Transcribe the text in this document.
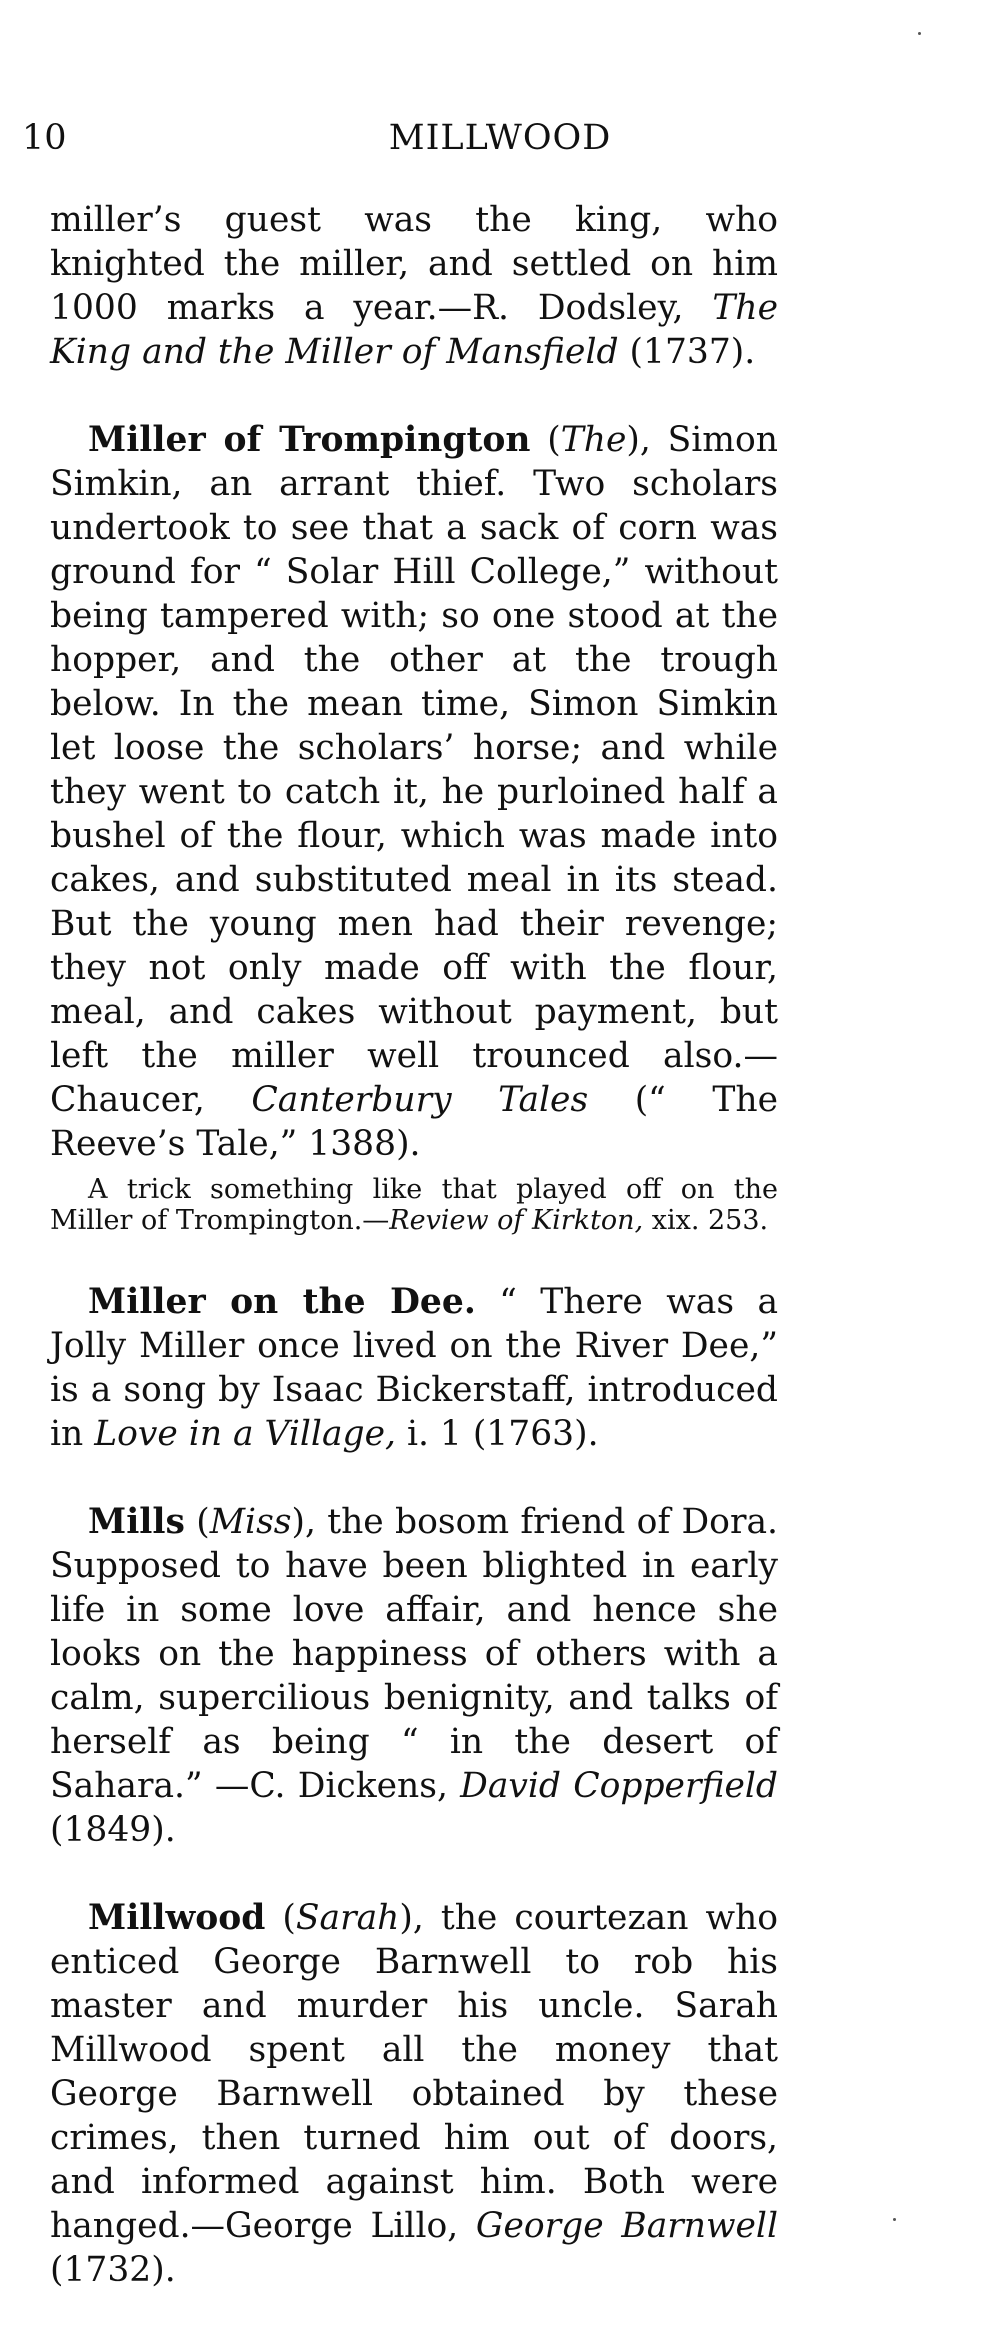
10	MILLWOOD

miller’s guest was the king, who knighted the miller, and settled on him 1000 marks a year.—R. Dodsley, The King and the Miller of Mansfield (1737).

Miller of Trompington (The), Simon Simkin, an arrant thief. Two scholars undertook to see that a sack of corn was ground for “ Solar Hill College,” without being tampered with; so one stood at the hopper, and the other at the trough below. In the mean time, Simon Simkin let loose the scholars’ horse; and while they went to catch it, he purloined half a bushel of the flour, which was made into cakes, and substituted meal in its stead. But the young men had their revenge; they not only made off with the flour, meal, and cakes without payment, but left the miller well trounced also.—Chaucer, Canterbury Tales (“ The Reeve’s Tale,” 1388).

A trick something like that played off on the Miller of Trompington.—Review of Kirkton, xix. 253.

Miller on the Dee. “ There was a Jolly Miller once lived on the River Dee,” is a song by Isaac Bickerstaff, introduced in Love in a Village, i. 1 (1763).

Mills (Miss), the bosom friend of Dora. Supposed to have been blighted in early life in some love affair, and hence she looks on the happiness of others with a calm, supercilious benignity, and talks of herself as being “ in the desert of Sahara.” —C. Dickens, David Copperfield (1849).

Millwood (Sarah), the courtezan who enticed George Barnwell to rob his master and murder his uncle. Sarah Millwood spent all the money that George Barnwell obtained by these crimes, then turned him out of doors, and informed against him. Both were hanged.—George Lillo, George Barnwell (1732).
